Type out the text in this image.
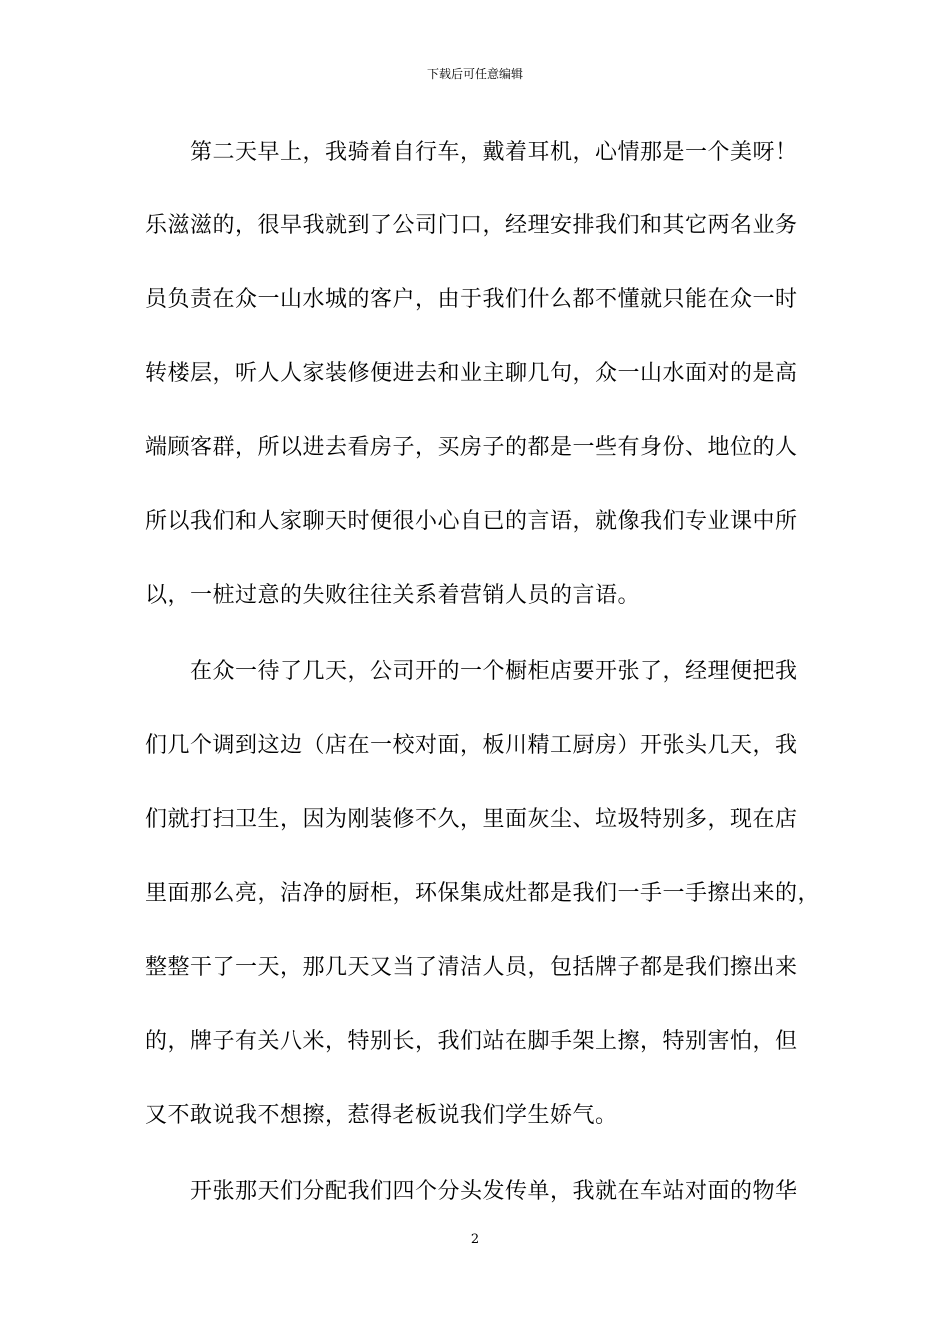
下载后可任意编辑
第二天早上，我骑着自行车，戴着耳机，心情那是一个美呀！
乐滋滋的，很早我就到了公司门口，经理安排我们和其它两名业务
员负责在众一山水城的客户，由于我们什么都不懂就只能在众一时
转楼层，听人人家装修便进去和业主聊几句，众一山水面对的是高
端顾客群，所以进去看房子，买房子的都是一些有身份、地位的人
所以我们和人家聊天时便很小心自已的言语，就像我们专业课中所
以，一桩过意的失败往往关系着营销人员的言语。
在众一待了几天，公司开的一个橱柜店要开张了，经理便把我
们几个调到这边（店在一校对面，板川精工厨房）开张头几天，我
们就打扫卫生，因为刚装修不久，里面灰尘、垃圾特别多，现在店
里面那么亮，洁净的厨柜，环保集成灶都是我们一手一手擦出来的，
整整干了一天，那几天又当了清洁人员，包括牌子都是我们擦出来
的，牌子有关八米，特别长，我们站在脚手架上擦，特别害怕，但
又不敢说我不想擦，惹得老板说我们学生娇气。
开张那天们分配我们四个分头发传单，我就在车站对面的物华
2
